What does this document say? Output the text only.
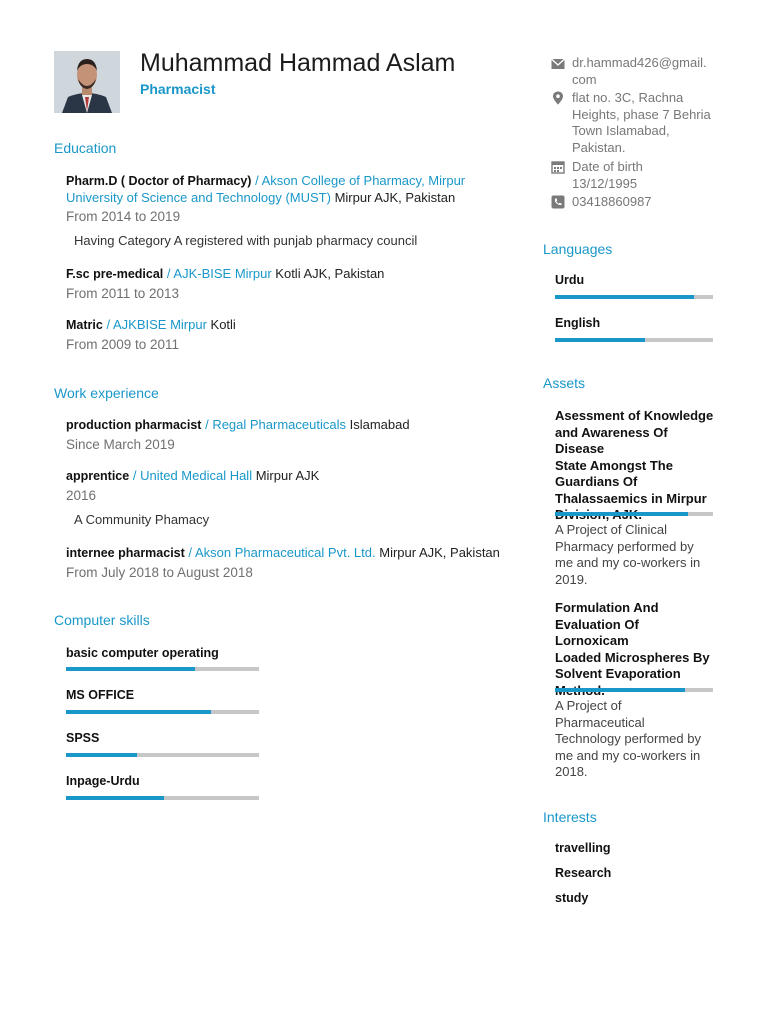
Muhammad Hammad Aslam
Pharmacist
Education
Pharm.D ( Doctor of Pharmacy) / Akson College of Pharmacy, Mirpur
University of Science and Technology (MUST) Mirpur AJK, Pakistan
From 2014 to 2019
Having Category A registered with punjab pharmacy council
F.sc pre-medical / AJK-BISE Mirpur Kotli AJK, Pakistan
From 2011 to 2013
Matric / AJKBISE Mirpur Kotli
From 2009 to 2011
Work experience
production pharmacist / Regal Pharmaceuticals Islamabad
Since March 2019
apprentice / United Medical Hall Mirpur AJK
2016
A Community Phamacy
internee pharmacist / Akson Pharmaceutical Pvt. Ltd. Mirpur AJK, Pakistan
From July 2018 to August 2018
Computer skills
basic computer operating
MS OFFICE
SPSS
Inpage-Urdu
dr.hammad426@gmail.
com
flat no. 3C, Rachna
Heights, phase 7 Behria
Town Islamabad,
Pakistan.
Date of birth
13/12/1995
03418860987
Languages
Urdu
English
Assets
Asessment of Knowledge
and Awareness Of Disease
State Amongst The
Guardians Of
Thalassaemics in Mirpur
A Project of Clinical
Pharmacy performed by
me and my co-workers in
2019.
Formulation And
Evaluation Of Lornoxicam
Loaded Microspheres By
Solvent Evaporation
A Project of
Pharmaceutical
Technology performed by
me and my co-workers in
2018.
Interests
travelling
Research
study
